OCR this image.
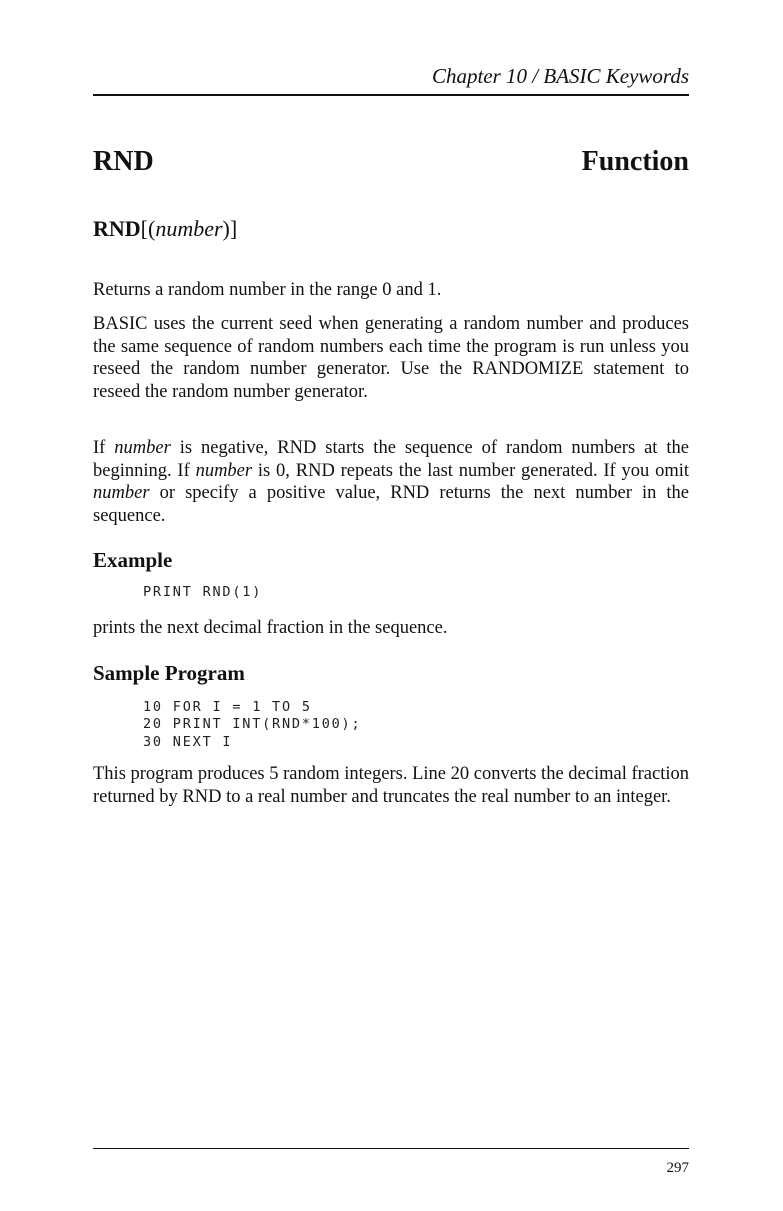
Chapter 10 / BASIC Keywords
RND	Function
RND[(number)]
Returns a random number in the range 0 and 1.
BASIC uses the current seed when generating a random number and produces the same sequence of random numbers each time the program is run unless you reseed the random number generator. Use the RANDOMIZE statement to reseed the random number generator.
If number is negative, RND starts the sequence of random numbers at the beginning. If number is 0, RND repeats the last number generated. If you omit number or specify a positive value, RND returns the next number in the sequence.
Example
PRINT RND(1)
prints the next decimal fraction in the sequence.
Sample Program
10 FOR I = 1 TO 5
20 PRINT INT(RND*100);
30 NEXT I
This program produces 5 random integers. Line 20 converts the decimal fraction returned by RND to a real number and truncates the real number to an integer.
297
